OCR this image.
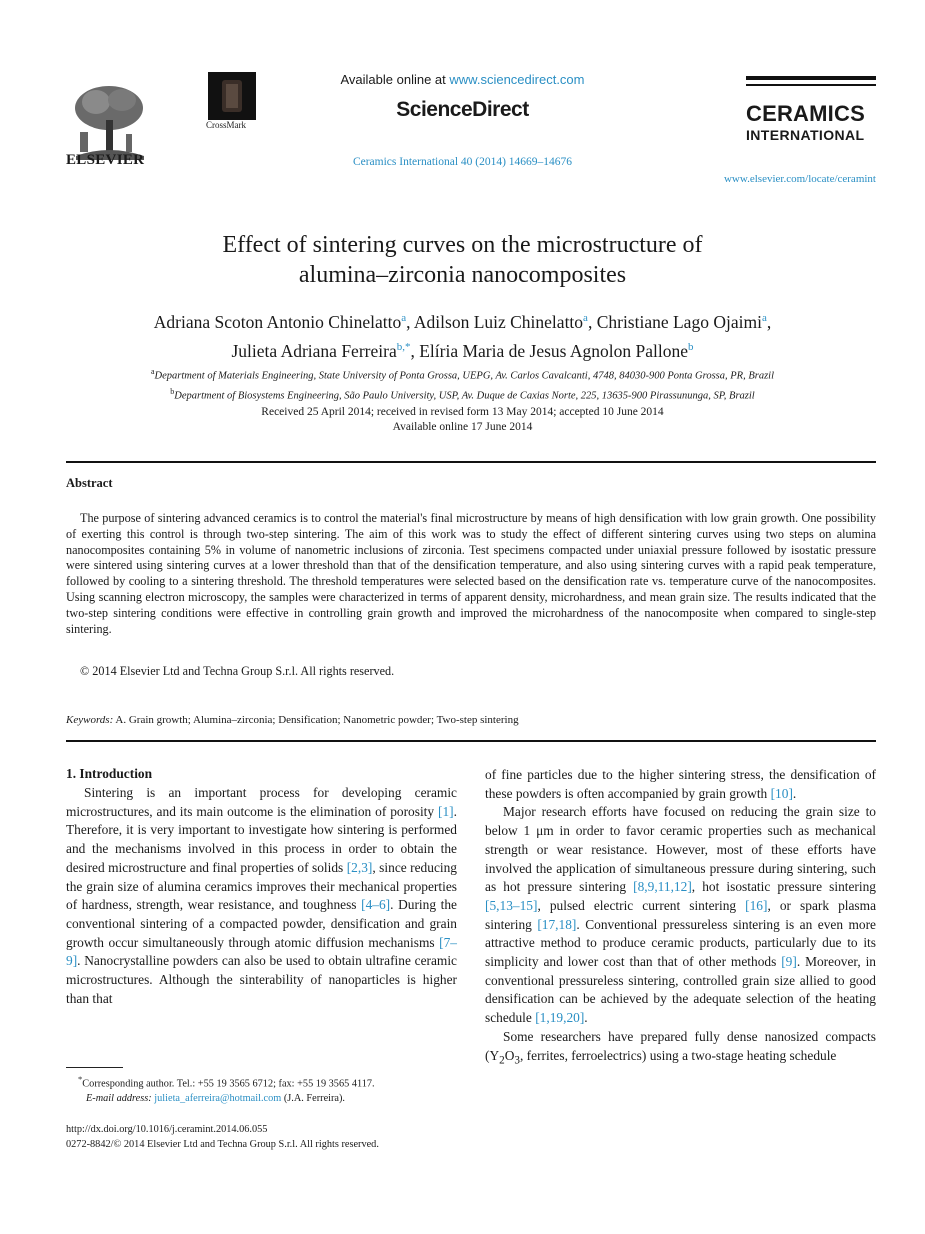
ELSEVIER
CrossMark
Available online at www.sciencedirect.com
ScienceDirect
Ceramics International 40 (2014) 14669–14676
CERAMICS
INTERNATIONAL
www.elsevier.com/locate/ceramint
Effect of sintering curves on the microstructure of
alumina–zirconia nanocomposites
Adriana Scoton Antonio Chinelatto$^a$, Adilson Luiz Chinelatto$^a$, Christiane Lago Ojaimi$^a$,
Julieta Adriana Ferreira$^{b,*}$, Elíria Maria de Jesus Agnolon Pallone$^b$
$^a$Department of Materials Engineering, State University of Ponta Grossa, UEPG, Av. Carlos Cavalcanti, 4748, 84030-900 Ponta Grossa, PR, Brazil
$^b$Department of Biosystems Engineering, São Paulo University, USP, Av. Duque de Caxias Norte, 225, 13635-900 Pirassununga, SP, Brazil
Received 25 April 2014; received in revised form 13 May 2014; accepted 10 June 2014
Available online 17 June 2014
Abstract

The purpose of sintering advanced ceramics is to control the material's final microstructure by means of high densification with low grain growth. One possibility of exerting this control is through two-step sintering. The aim of this work was to study the effect of different sintering curves using two steps on alumina nanocomposites containing 5% in volume of nanometric inclusions of zirconia. Test specimens compacted under uniaxial pressure followed by isostatic pressure were sintered using sintering curves at a lower threshold than that of the densification temperature, and also using sintering curves with a rapid peak temperature, followed by cooling to a sintering threshold. The threshold temperatures were selected based on the densification rate vs. temperature curve of the nanocomposites. Using scanning electron microscopy, the samples were characterized in terms of apparent density, microhardness, and mean grain size. The results indicated that the two-step sintering conditions were effective in controlling grain growth and improved the microhardness of the nanocomposite when compared to single-step sintering.

© 2014 Elsevier Ltd and Techna Group S.r.l. All rights reserved.
Keywords: A. Grain growth; Alumina–zirconia; Densification; Nanometric powder; Two-step sintering
1. Introduction

Sintering is an important process for developing ceramic microstructures, and its main outcome is the elimination of porosity [1]. Therefore, it is very important to investigate how sintering is performed and the mechanisms involved in this process in order to obtain the desired microstructure and final properties of solids [2,3], since reducing the grain size of alumina ceramics improves their mechanical properties of hardness, strength, wear resistance, and toughness [4–6]. During the conventional sintering of a compacted powder, densification and grain growth occur simultaneously through atomic diffusion mechanisms [7–9]. Nanocrystalline powders can also be used to obtain ultrafine ceramic microstructures. Although the sinterability of nanoparticles is higher than that

of fine particles due to the higher sintering stress, the densification of these powders is often accompanied by grain growth [10].

Major research efforts have focused on reducing the grain size to below 1 μm in order to favor ceramic properties such as mechanical strength or wear resistance. However, most of these efforts have involved the application of simultaneous pressure during sintering, such as hot pressure sintering [8,9,11,12], hot isostatic pressure sintering [5,13–15], pulsed electric current sintering [16], or spark plasma sintering [17,18]. Conventional pressureless sintering is an even more attractive method to produce ceramic products, particularly due to its simplicity and lower cost than that of other methods [9]. Moreover, in conventional pressureless sintering, controlled grain size allied to good densification can be achieved by the adequate selection of the heating schedule [1,19,20].

Some researchers have prepared fully dense nanosized compacts ($Y_2O_3$, ferrites, ferroelectrics) using a two-stage heating schedule

*Corresponding author. Tel.: +55 19 3565 6712; fax: +55 19 3565 4117.
E-mail address: julieta_aferreira@hotmail.com (J.A. Ferreira).
http://dx.doi.org/10.1016/j.ceramint.2014.06.055
0272-8842/© 2014 Elsevier Ltd and Techna Group S.r.l. All rights reserved.
